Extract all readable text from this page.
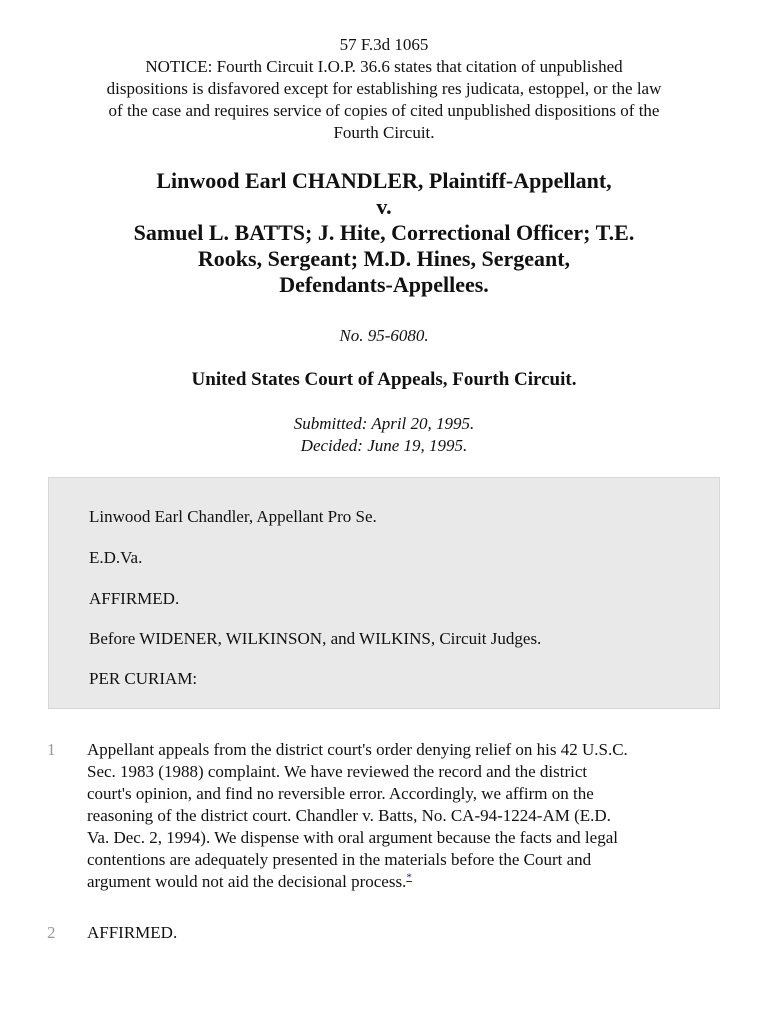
57 F.3d 1065
NOTICE: Fourth Circuit I.O.P. 36.6 states that citation of unpublished
dispositions is disfavored except for establishing res judicata, estoppel, or the law
of the case and requires service of copies of cited unpublished dispositions of the
Fourth Circuit.
Linwood Earl CHANDLER, Plaintiff-Appellant,
v.
Samuel L. BATTS; J. Hite, Correctional Officer; T.E.
Rooks, Sergeant; M.D. Hines, Sergeant,
Defendants-Appellees.
No. 95-6080.
United States Court of Appeals, Fourth Circuit.
Submitted: April 20, 1995.
Decided: June 19, 1995.
Linwood Earl Chandler, Appellant Pro Se.
E.D.Va.
AFFIRMED.
Before WIDENER, WILKINSON, and WILKINS, Circuit Judges.
PER CURIAM:
1 Appellant appeals from the district court's order denying relief on his 42 U.S.C.
Sec. 1983 (1988) complaint. We have reviewed the record and the district
court's opinion, and find no reversible error. Accordingly, we affirm on the
reasoning of the district court. Chandler v. Batts, No. CA-94-1224-AM (E.D.
Va. Dec. 2, 1994). We dispense with oral argument because the facts and legal
contentions are adequately presented in the materials before the Court and
argument would not aid the decisional process.*
2 AFFIRMED.
